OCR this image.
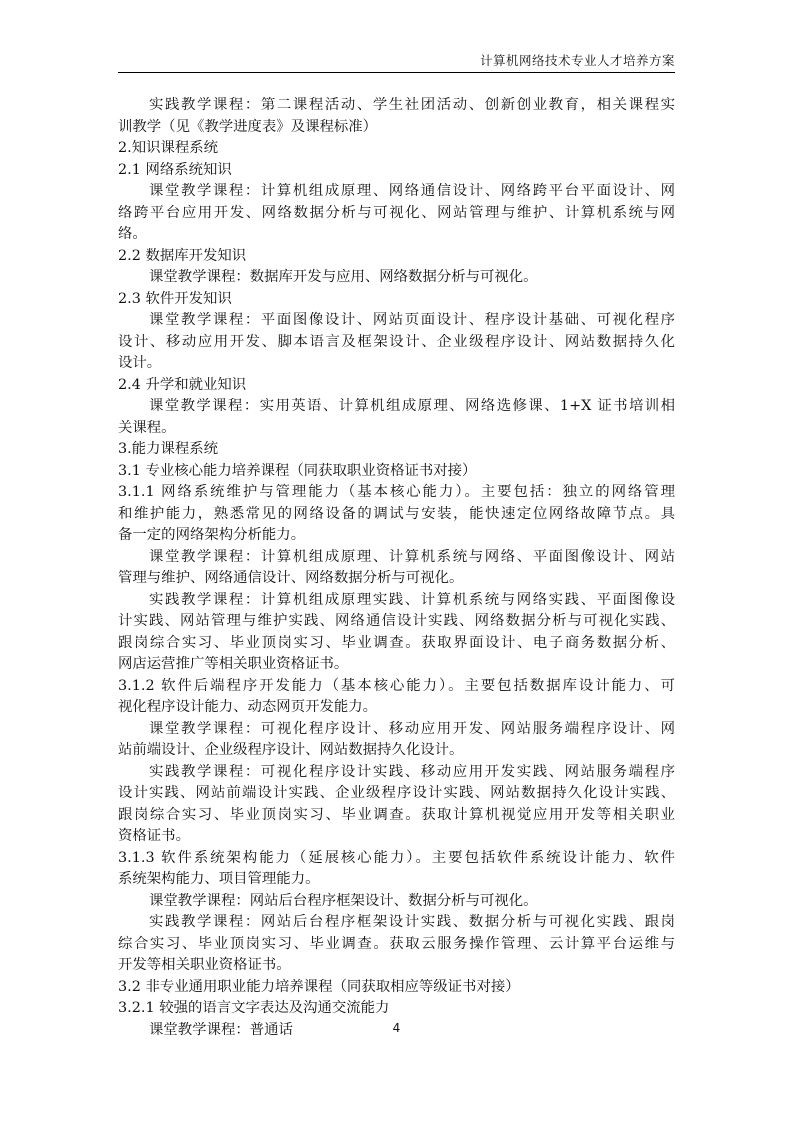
计算机网络技术专业人才培养方案
实践教学课程：第二课程活动、学生社团活动、创新创业教育，相关课程实
训教学（见《教学进度表》及课程标准）
2.知识课程系统
2.1 网络系统知识
课堂教学课程：计算机组成原理、网络通信设计、网络跨平台平面设计、网
络跨平台应用开发、网络数据分析与可视化、网站管理与维护、计算机系统与网
络。
2.2 数据库开发知识
课堂教学课程：数据库开发与应用、网络数据分析与可视化。
2.3 软件开发知识
课堂教学课程：平面图像设计、网站页面设计、程序设计基础、可视化程序
设计、移动应用开发、脚本语言及框架设计、企业级程序设计、网站数据持久化
设计。
2.4 升学和就业知识
课堂教学课程：实用英语、计算机组成原理、网络选修课、1+X 证书培训相
关课程。
3.能力课程系统
3.1 专业核心能力培养课程（同获取职业资格证书对接）
3.1.1 网络系统维护与管理能力（基本核心能力）。主要包括：独立的网络管理
和维护能力，熟悉常见的网络设备的调试与安装，能快速定位网络故障节点。具
备一定的网络架构分析能力。
课堂教学课程：计算机组成原理、计算机系统与网络、平面图像设计、网站
管理与维护、网络通信设计、网络数据分析与可视化。
实践教学课程：计算机组成原理实践、计算机系统与网络实践、平面图像设
计实践、网站管理与维护实践、网络通信设计实践、网络数据分析与可视化实践、
跟岗综合实习、毕业顶岗实习、毕业调查。获取界面设计、电子商务数据分析、
网店运营推广等相关职业资格证书。
3.1.2 软件后端程序开发能力（基本核心能力）。主要包括数据库设计能力、可
视化程序设计能力、动态网页开发能力。
课堂教学课程：可视化程序设计、移动应用开发、网站服务端程序设计、网
站前端设计、企业级程序设计、网站数据持久化设计。
实践教学课程：可视化程序设计实践、移动应用开发实践、网站服务端程序
设计实践、网站前端设计实践、企业级程序设计实践、网站数据持久化设计实践、
跟岗综合实习、毕业顶岗实习、毕业调查。获取计算机视觉应用开发等相关职业
资格证书。
3.1.3 软件系统架构能力（延展核心能力）。主要包括软件系统设计能力、软件
系统架构能力、项目管理能力。
课堂教学课程：网站后台程序框架设计、数据分析与可视化。
实践教学课程：网站后台程序框架设计实践、数据分析与可视化实践、跟岗
综合实习、毕业顶岗实习、毕业调查。获取云服务操作管理、云计算平台运维与
开发等相关职业资格证书。
3.2 非专业通用职业能力培养课程（同获取相应等级证书对接）
3.2.1 较强的语言文字表达及沟通交流能力
课堂教学课程：普通话	4
